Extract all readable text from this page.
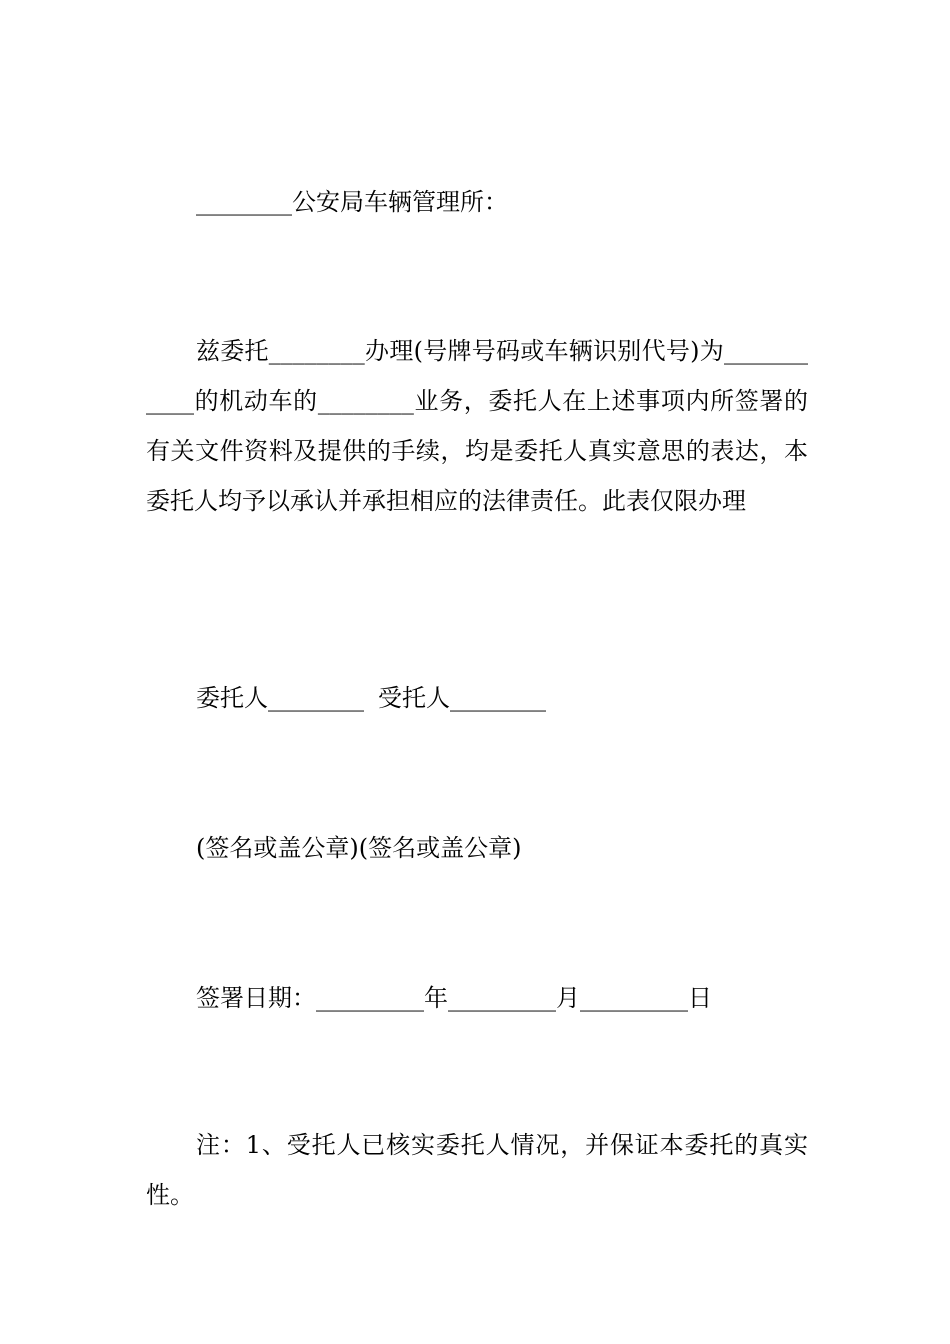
________公安局车辆管理所：
兹委托________办理(号牌号码或车辆识别代号)为___________的机动车的________业务，委托人在上述事项内所签署的有关文件资料及提供的手续，均是委托人真实意思的表达，本委托人均予以承认并承担相应的法律责任。此表仅限办理
委托人________ 受托人________
(签名或盖公章)(签名或盖公章)
签署日期：_________年_________月_________日
注：1、受托人已核实委托人情况，并保证本委托的真实性。
